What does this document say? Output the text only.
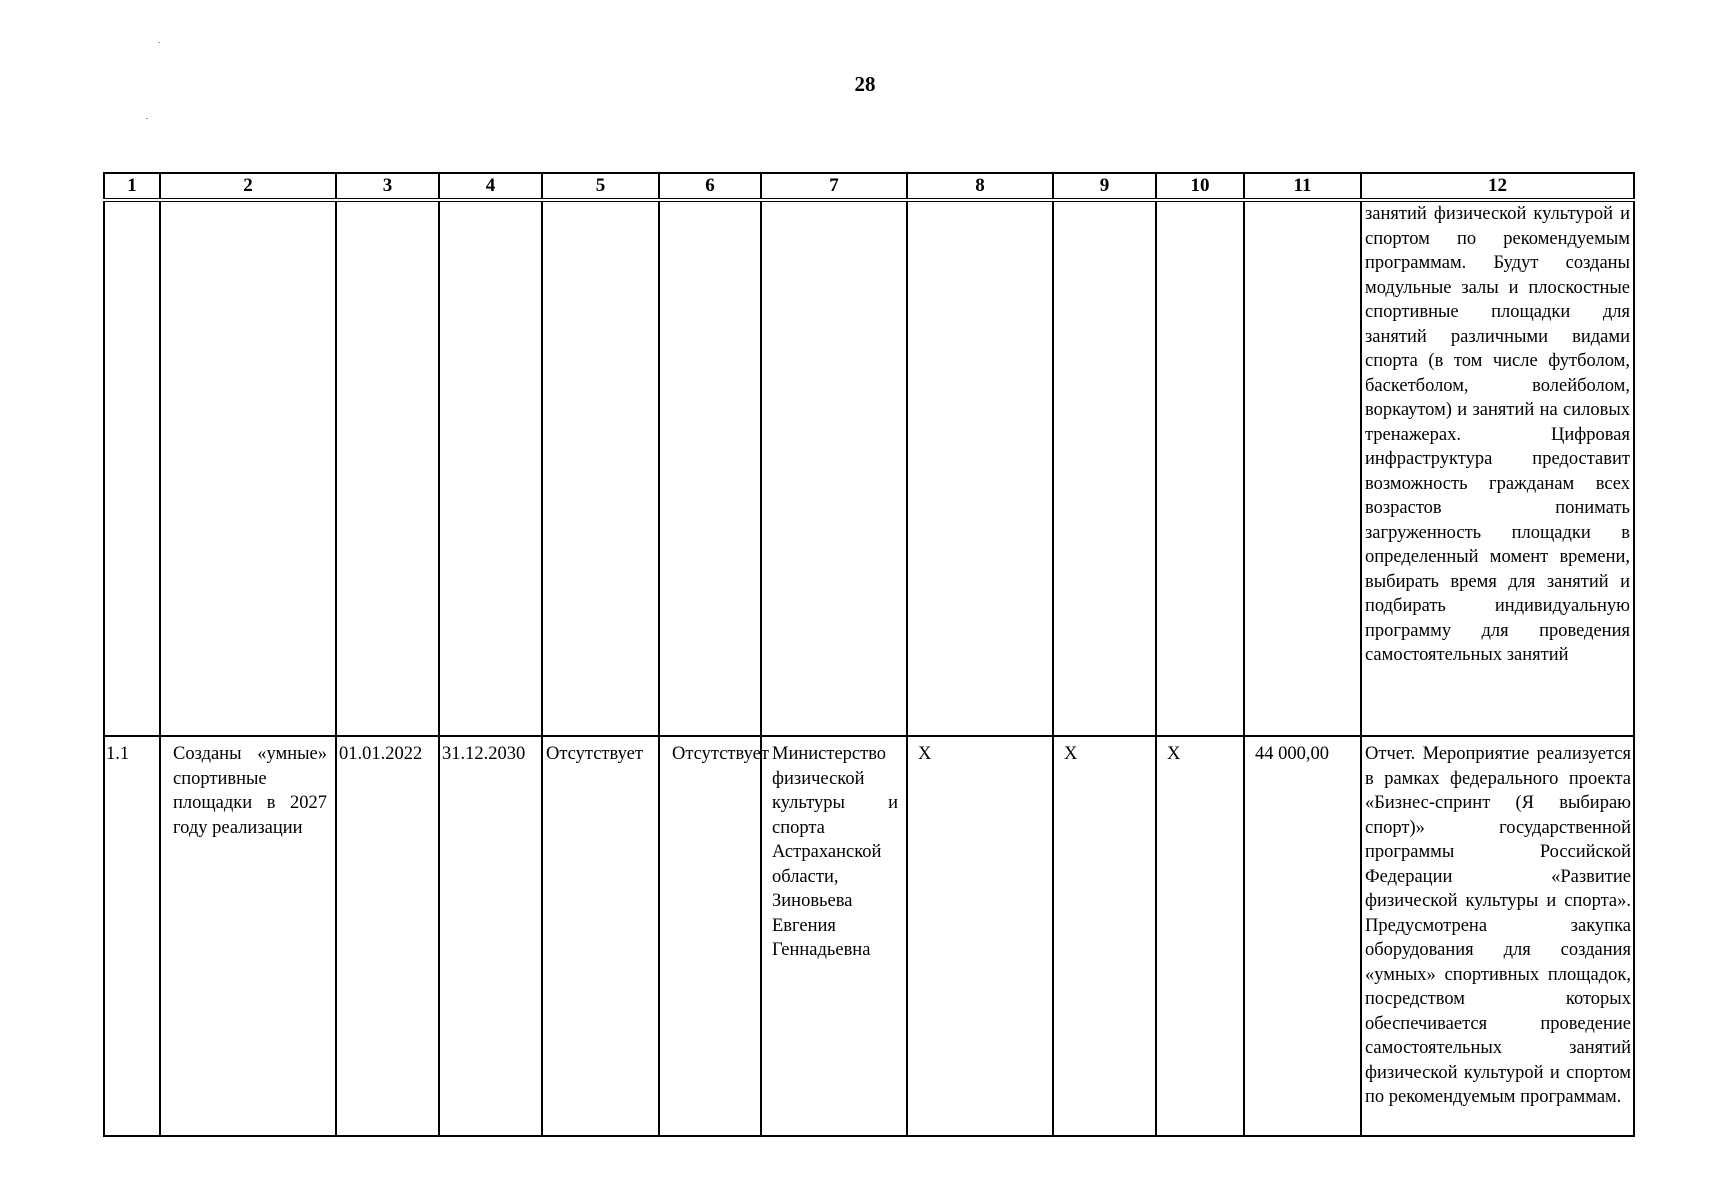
28
1	2	3	4	5	6	7	8	9	10	11	12
											занятий физической культурой и спортом по рекомендуемым программам. Будут созданы модульные залы и плоскостные спортивные площадки для занятий различными видами спорта (в том числе футболом, баскетболом, волейболом, воркаутом) и занятий на силовых тренажерах. Цифровая инфраструктура предоставит возможность гражданам всех возрастов понимать загруженность площадки в определенный момент времени, выбирать время для занятий и подбирать индивидуальную программу для проведения самостоятельных занятий
1.1	Созданы «умные» спортивные площадки в 2027 году реализации	01.01.2022	31.12.2030	Отсутствует	Отсутствует	Министерство физической культуры и спорта Астраханской области, Зиновьева Евгения Геннадьевна	X	X	X	44 000,00	Отчет. Мероприятие реализуется в рамках федерального проекта «Бизнес-спринт (Я выбираю спорт)» государственной программы Российской Федерации «Развитие физической культуры и спорта». Предусмотрена закупка оборудования для создания «умных» спортивных площадок, посредством которых обеспечивается проведение самостоятельных занятий физической культурой и спортом по рекомендуемым программам.
